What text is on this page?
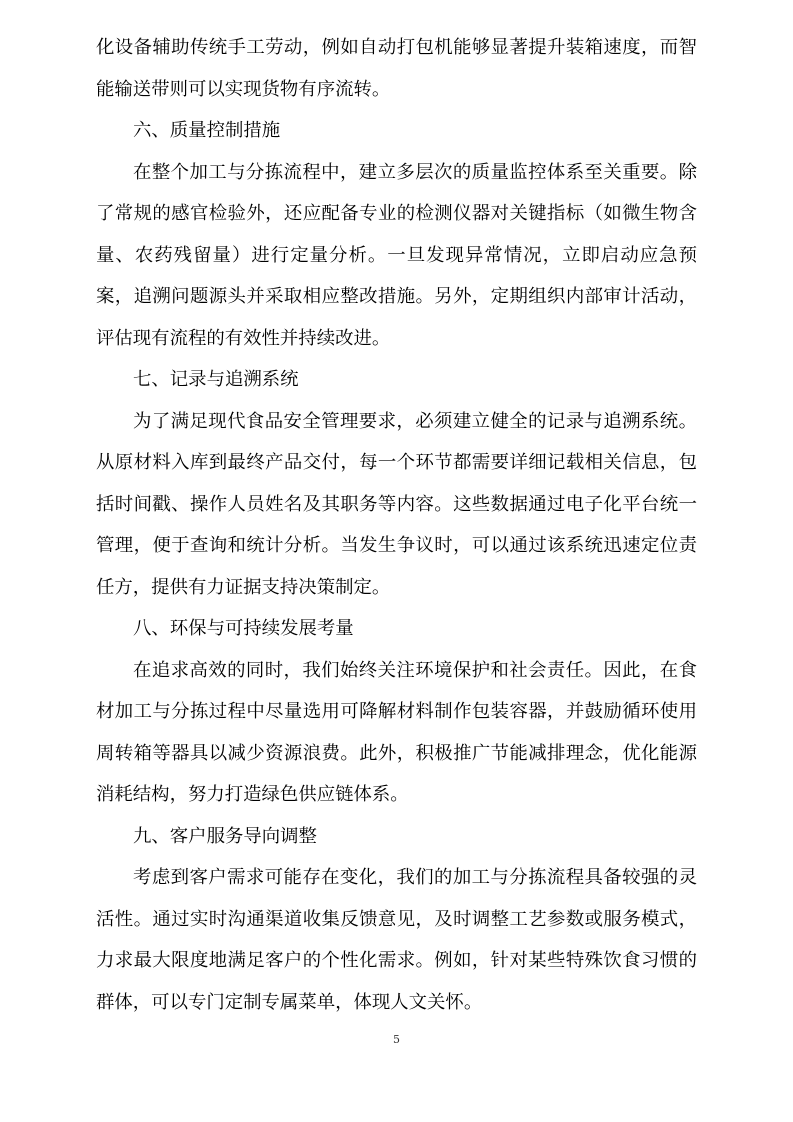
化设备辅助传统手工劳动，例如自动打包机能够显著提升装箱速度，而智
能输送带则可以实现货物有序流转。
六、质量控制措施
在整个加工与分拣流程中，建立多层次的质量监控体系至关重要。除
了常规的感官检验外，还应配备专业的检测仪器对关键指标（如微生物含
量、农药残留量）进行定量分析。一旦发现异常情况，立即启动应急预
案，追溯问题源头并采取相应整改措施。另外，定期组织内部审计活动，
评估现有流程的有效性并持续改进。
七、记录与追溯系统
为了满足现代食品安全管理要求，必须建立健全的记录与追溯系统。
从原材料入库到最终产品交付，每一个环节都需要详细记载相关信息，包
括时间戳、操作人员姓名及其职务等内容。这些数据通过电子化平台统一
管理，便于查询和统计分析。当发生争议时，可以通过该系统迅速定位责
任方，提供有力证据支持决策制定。
八、环保与可持续发展考量
在追求高效的同时，我们始终关注环境保护和社会责任。因此，在食
材加工与分拣过程中尽量选用可降解材料制作包装容器，并鼓励循环使用
周转箱等器具以减少资源浪费。此外，积极推广节能减排理念，优化能源
消耗结构，努力打造绿色供应链体系。
九、客户服务导向调整
考虑到客户需求可能存在变化，我们的加工与分拣流程具备较强的灵
活性。通过实时沟通渠道收集反馈意见，及时调整工艺参数或服务模式，
力求最大限度地满足客户的个性化需求。例如，针对某些特殊饮食习惯的
群体，可以专门定制专属菜单，体现人文关怀。
5
